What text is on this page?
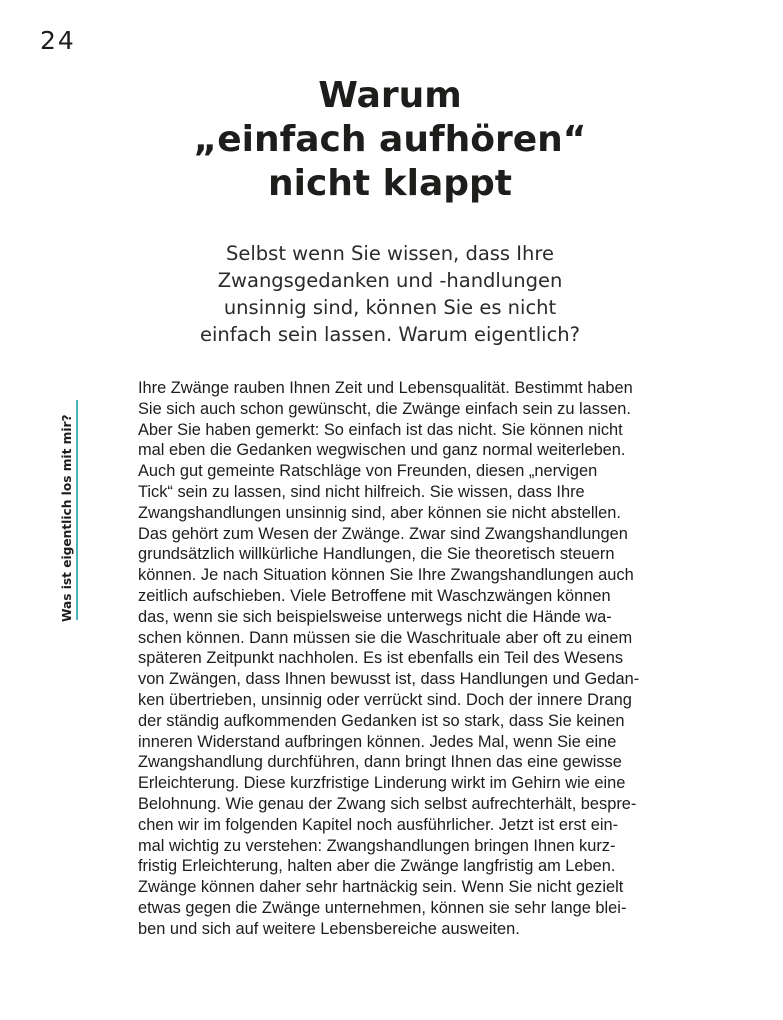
24
Warum
„einfach aufhören“
nicht klappt

Selbst wenn Sie wissen, dass Ihre
Zwangsgedanken und -handlungen
unsinnig sind, können Sie es nicht
einfach sein lassen. Warum eigentlich?

Was ist eigentlich los mit mir?
Ihre Zwänge rauben Ihnen Zeit und Lebensqualität. Bestimmt haben
Sie sich auch schon gewünscht, die Zwänge einfach sein zu lassen.
Aber Sie haben gemerkt: So einfach ist das nicht. Sie können nicht
mal eben die Gedanken wegwischen und ganz normal weiterleben.
Auch gut gemeinte Ratschläge von Freunden, diesen „nervigen
Tick“ sein zu lassen, sind nicht hilfreich. Sie wissen, dass Ihre
Zwangshandlungen unsinnig sind, aber können sie nicht abstellen.
Das gehört zum Wesen der Zwänge. Zwar sind Zwangshandlungen
grundsätzlich willkürliche Handlungen, die Sie theoretisch steuern
können. Je nach Situation können Sie Ihre Zwangshandlungen auch
zeitlich aufschieben. Viele Betroffene mit Waschzwängen können
das, wenn sie sich beispielsweise unterwegs nicht die Hände wa-
schen können. Dann müssen sie die Waschrituale aber oft zu einem
späteren Zeitpunkt nachholen. Es ist ebenfalls ein Teil des Wesens
von Zwängen, dass Ihnen bewusst ist, dass Handlungen und Gedan-
ken übertrieben, unsinnig oder verrückt sind. Doch der innere Drang
der ständig aufkommenden Gedanken ist so stark, dass Sie keinen
inneren Widerstand aufbringen können. Jedes Mal, wenn Sie eine
Zwangshandlung durchführen, dann bringt Ihnen das eine gewisse
Erleichterung. Diese kurzfristige Linderung wirkt im Gehirn wie eine
Belohnung. Wie genau der Zwang sich selbst aufrechterhält, bespre-
chen wir im folgenden Kapitel noch ausführlicher. Jetzt ist erst ein-
mal wichtig zu verstehen: Zwangshandlungen bringen Ihnen kurz-
fristig Erleichterung, halten aber die Zwänge langfristig am Leben.
Zwänge können daher sehr hartnäckig sein. Wenn Sie nicht gezielt
etwas gegen die Zwänge unternehmen, können sie sehr lange blei-
ben und sich auf weitere Lebensbereiche ausweiten.
